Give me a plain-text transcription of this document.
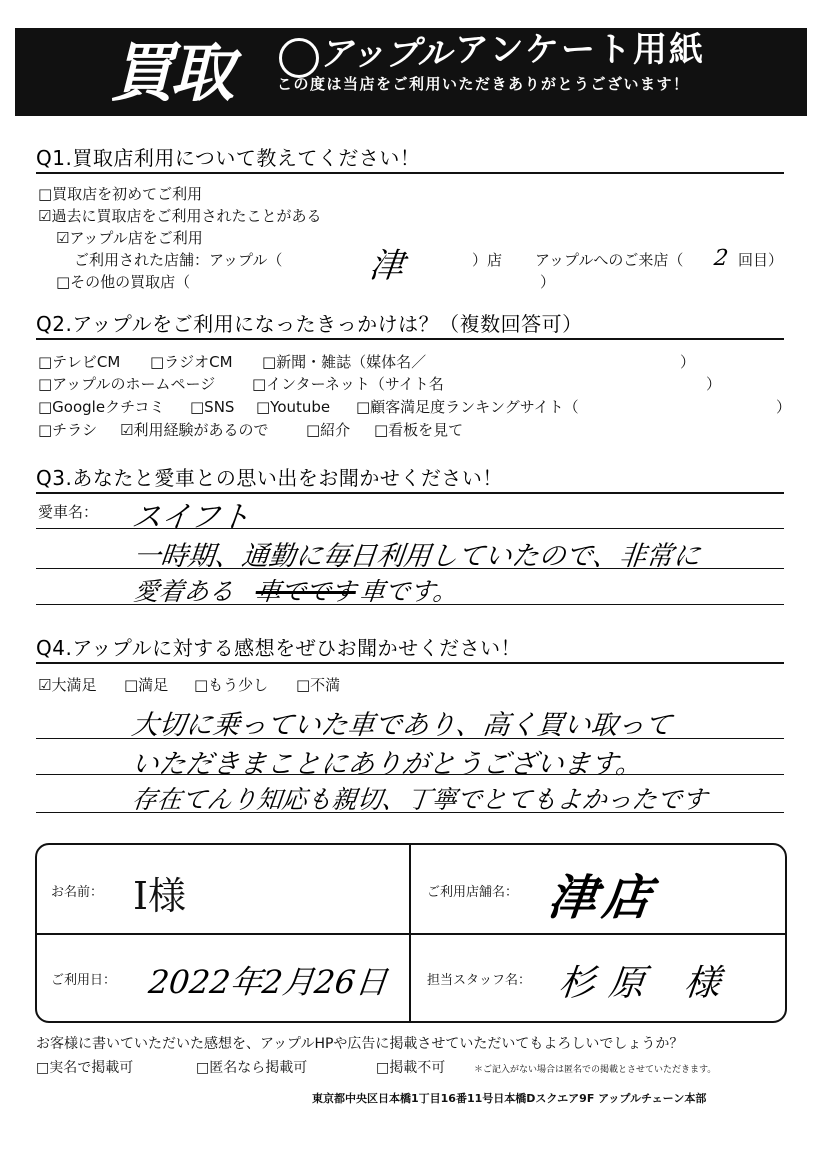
買取	アップル アンケート用紙
この度は当店をご利用いただきありがとうございます！
Q1.買取店利用について教えてください！
□買取店を初めてご利用
☑過去に買取店をご利用されたことがある
☑アップル店をご利用
ご利用された店舗：アップル（	津	）店 アップルへのご来店（ 2 回目）
□その他の買取店（	）
Q2.アップルをご利用になったきっかけは？（複数回答可）
□テレビCM □ラジオCM □新聞・雑誌（媒体名／	）
□アップルのホームページ □インターネット（サイト名	）
□Googleクチコミ □SNS □Youtube □顧客満足度ランキングサイト（	）
□チラシ ☑利用経験があるので	□紹介 □看板を見て
Q3.あなたと愛車との思い出をお聞かせください！
愛車名： スイフト
一時期、通勤に毎日利用していたので、非常に
愛着ある 車でです 車です。
Q4.アップルに対する感想をぜひお聞かせください！
☑大満足 □満足 □もう少し □不満
大切に乗っていた車であり、高く買い取って
いただきまことにありがとうございます。
存在てんり知応も親切、丁寧でとてもよかったです
お名前： I様	ご利用店舗名： 津店
ご利用日： 2022年2月26日	担当スタッフ名： 杉原 様
お客様に書いていただいた感想を、アップルHPや広告に掲載させていただいてもよろしいでしょうか？
□実名で掲載可	□匿名なら掲載可	□掲載不可	＊ご記入がない場合は匿名での掲載とさせていただきます。
東京都中央区日本橋1丁目16番11号日本橋Dスクエア9F アップルチェーン本部
